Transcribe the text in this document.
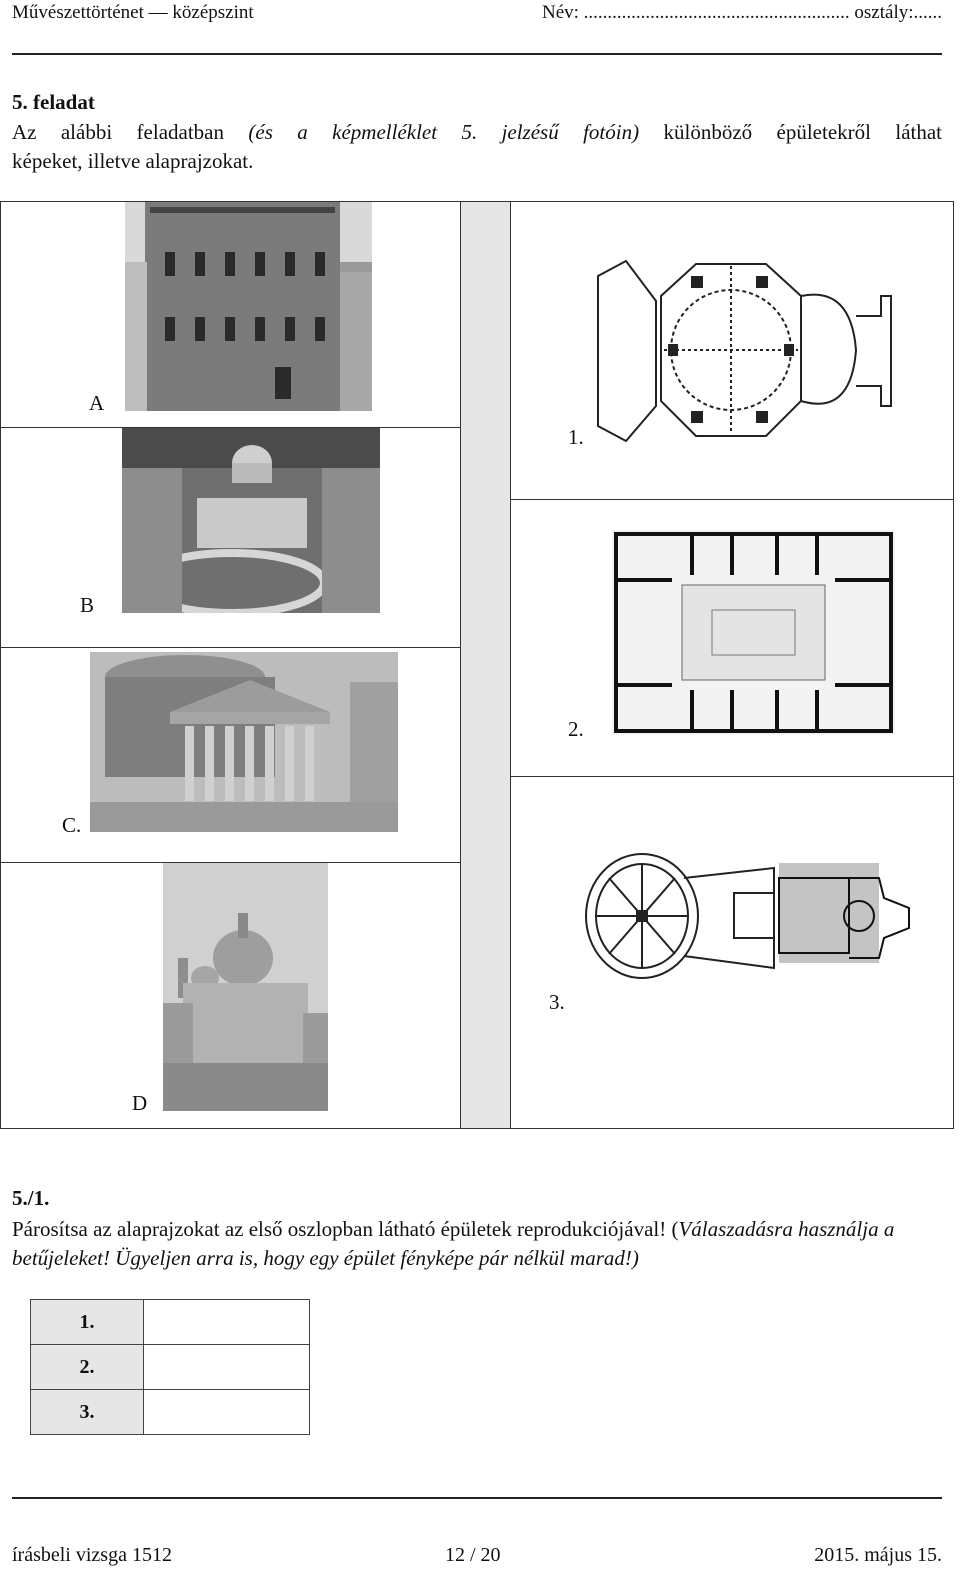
Művészettörténet — középszint	Név: ........................................................ osztály:......
5. feladat
Az alábbi feladatban (és a képmelléklet 5. jelzésű fotóin) különböző épületekről láthat
képeket, illetve alaprajzokat.
A
B
C.
D
1.
2.
3.
5./1.
Párosítsa az alaprajzokat az első oszlopban látható épületek reprodukciójával! (Válaszadásra használja a betűjeleket! Ügyeljen arra is, hogy egy épület fényképe pár nélkül marad!)
1.	
2.	
3.	
írásbeli vizsga 1512	12 / 20	2015. május 15.
